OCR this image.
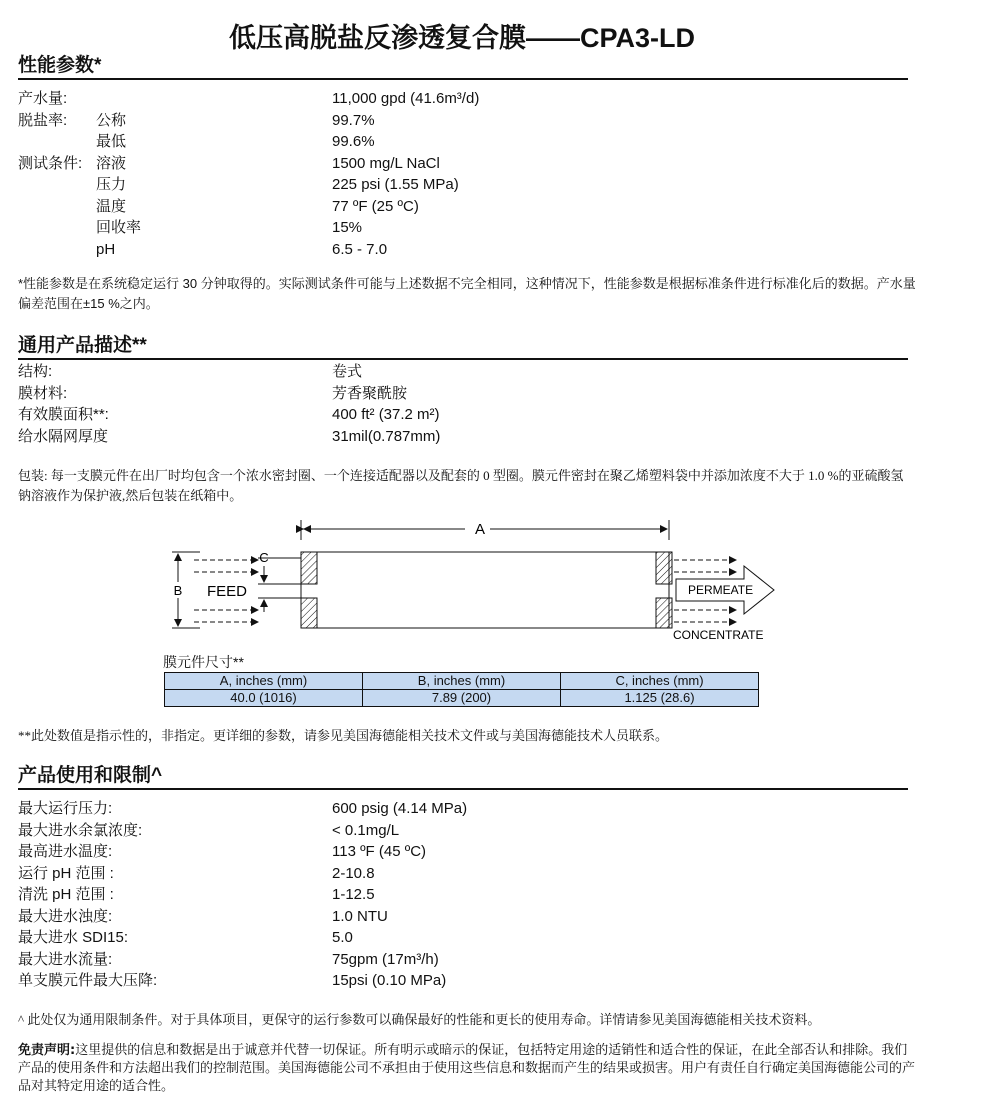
低压高脱盐反渗透复合膜——CPA3-LD
性能参数*
产水量:	11,000 gpd (41.6m³/d)
脱盐率: 公称	99.7%
最低	99.6%
测试条件: 溶液	1500 mg/L NaCl
压力	225 psi (1.55 MPa)
温度	77 ºF (25 ºC)
回收率	15%
pH	6.5 - 7.0
*性能参数是在系统稳定运行 30 分钟取得的。实际测试条件可能与上述数据不完全相同，这种情况下，性能参数是根据标准条件进行标准化后的数据。产水量偏差范围在±15 %之内。
通用产品描述**
结构:	卷式
膜材料:	芳香聚酰胺
有效膜面积**:	400 ft² (37.2 m²)
给水隔网厚度	31mil(0.787mm)
包装: 每一支膜元件在出厂时均包含一个浓水密封圈、一个连接适配器以及配套的 0 型圈。膜元件密封在聚乙烯塑料袋中并添加浓度不大于 1.0 %的亚硫酸氢钠溶液作为保护液,然后包装在纸箱中。
A
B
C
FEED	PERMEATE
CONCENTRATE
膜元件尺寸**
A, inches (mm)	B, inches (mm)	C, inches (mm)
40.0 (1016)	7.89 (200)	1.125 (28.6)
**此处数值是指示性的，非指定。更详细的参数，请参见美国海德能相关技术文件或与美国海德能技术人员联系。
产品使用和限制^
最大运行压力:	600 psig (4.14 MPa)
最大进水余氯浓度:	< 0.1mg/L
最高进水温度:	113 ºF (45 ºC)
运行 pH 范围 :	2-10.8
清洗 pH 范围 :	1-12.5
最大进水浊度:	1.0 NTU
最大进水 SDI15:	5.0
最大进水流量:	75gpm (17m³/h)
单支膜元件最大压降:	15psi (0.10 MPa)
^ 此处仅为通用限制条件。对于具体项目，更保守的运行参数可以确保最好的性能和更长的使用寿命。详情请参见美国海德能相关技术资料。
免责声明:这里提供的信息和数据是出于诚意并代替一切保证。所有明示或暗示的保证，包括特定用途的适销性和适合性的保证，在此全部否认和排除。我们产品的使用条件和方法超出我们的控制范围。美国海德能公司不承担由于使用这些信息和数据而产生的结果或损害。用户有责任自行确定美国海德能公司的产品对其特定用途的适合性。
